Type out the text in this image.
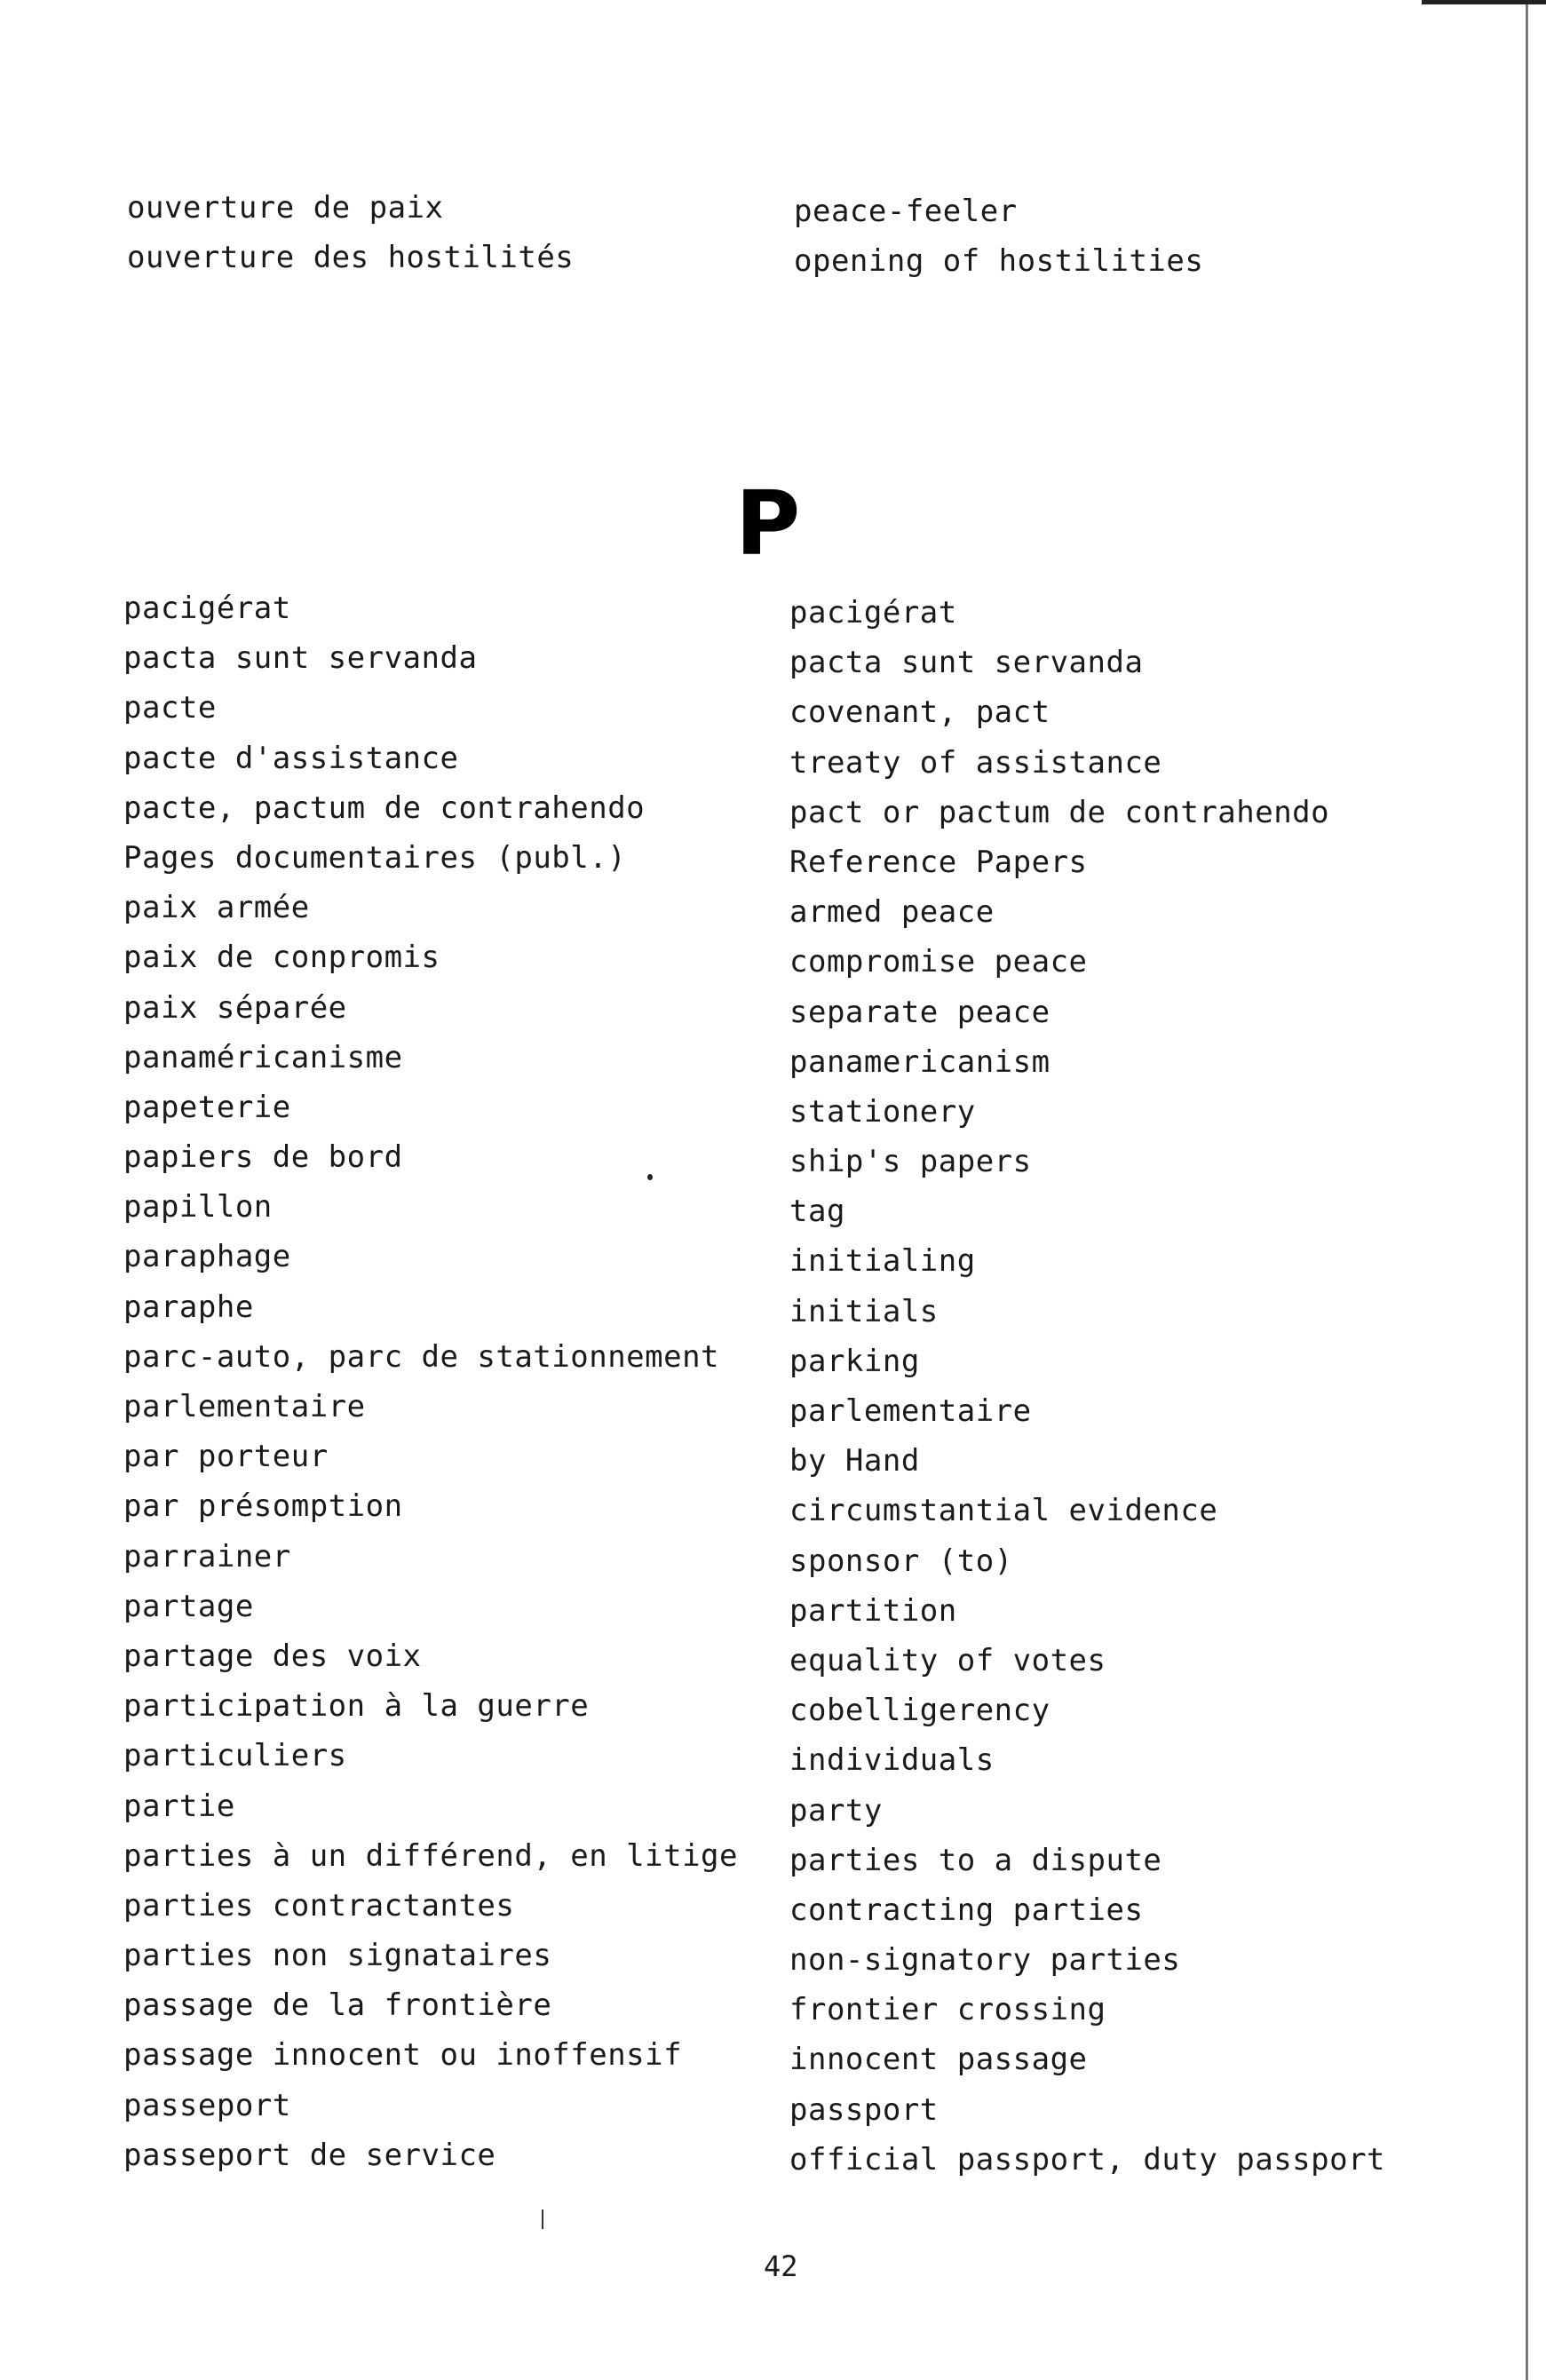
ouverture de paix
ouverture des hostilités
peace-feeler
opening of hostilities
P
pacigérat
pacta sunt servanda
pacte
pacte d'assistance
pacte, pactum de contrahendo
Pages documentaires (publ.)
paix armée
paix de conpromis
paix séparée
panaméricanisme
papeterie
papiers de bord
papillon
paraphage
paraphe
parc-auto, parc de stationnement
parlementaire
par porteur
par présomption
parrainer
partage
partage des voix
participation à la guerre
particuliers
partie
parties à un différend, en litige
parties contractantes
parties non signataires
passage de la frontière
passage innocent ou inoffensif
passeport
passeport de service
pacigérat
pacta sunt servanda
covenant, pact
treaty of assistance
pact or pactum de contrahendo
Reference Papers
armed peace
compromise peace
separate peace
panamericanism
stationery
ship's papers
tag
initialing
initials
parking
parlementaire
by Hand
circumstantial evidence
sponsor (to)
partition
equality of votes
cobelligerency
individuals
party
parties to a dispute
contracting parties
non-signatory parties
frontier crossing
innocent passage
passport
official passport, duty passport
42
